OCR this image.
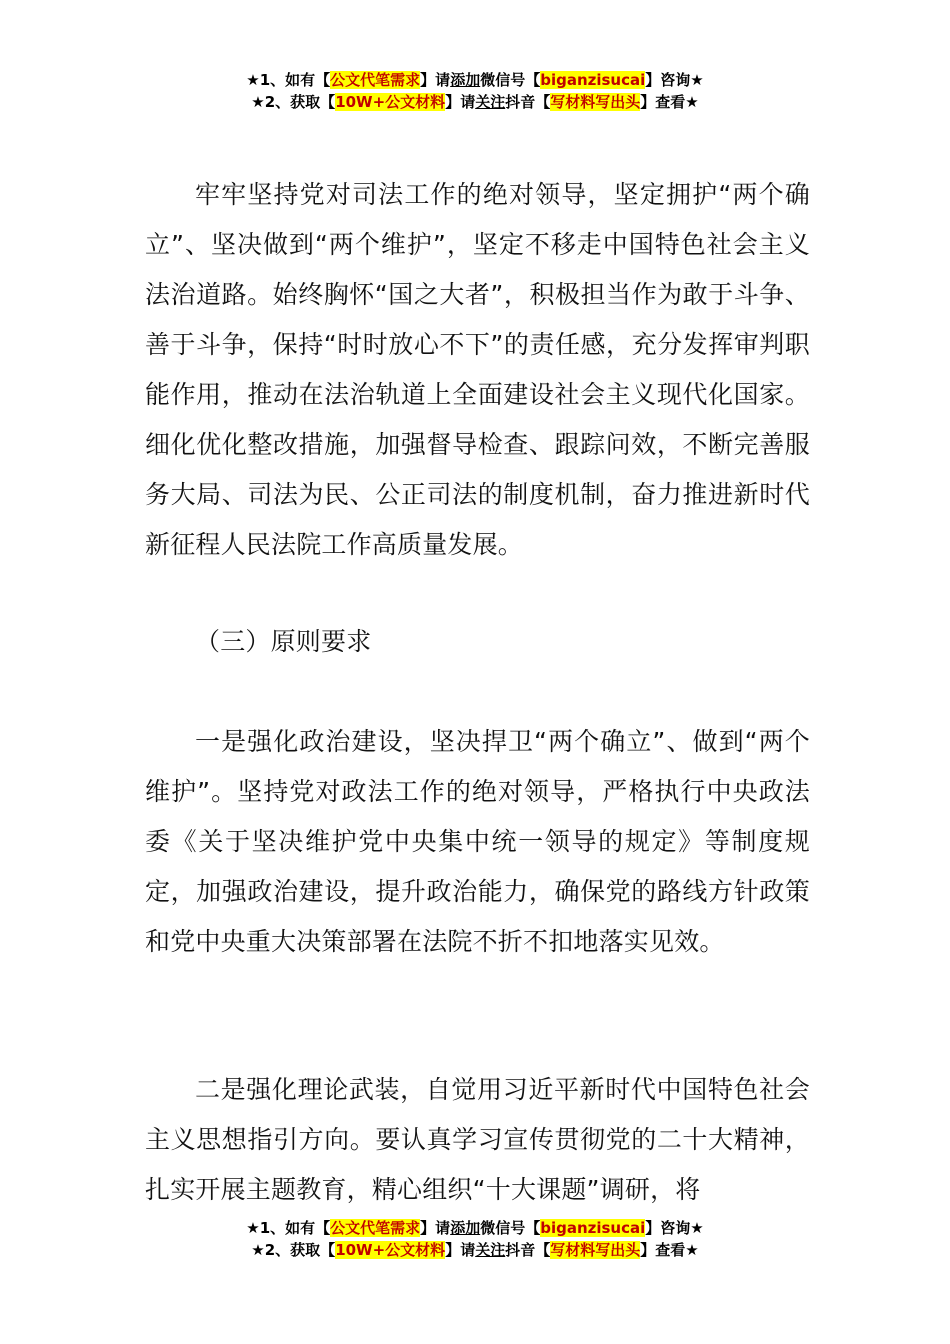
★1、如有【公文代笔需求】请添加微信号【biganzisucai】咨询★
★2、获取【10W+公文材料】请关注抖音【写材料写出头】查看★
牢牢坚持党对司法工作的绝对领导，坚定拥护“两个确立”、坚决做到“两个维护”，坚定不移走中国特色社会主义法治道路。始终胸怀“国之大者”，积极担当作为敢于斗争、善于斗争，保持“时时放心不下”的责任感，充分发挥审判职能作用，推动在法治轨道上全面建设社会主义现代化国家。细化优化整改措施，加强督导检查、跟踪问效，不断完善服务大局、司法为民、公正司法的制度机制，奋力推进新时代新征程人民法院工作高质量发展。
（三）原则要求
一是强化政治建设，坚决捍卫“两个确立”、做到“两个维护”。坚持党对政法工作的绝对领导，严格执行中央政法委《关于坚决维护党中央集中统一领导的规定》等制度规定，加强政治建设，提升政治能力，确保党的路线方针政策和党中央重大决策部署在法院不折不扣地落实见效。
二是强化理论武装，自觉用习近平新时代中国特色社会主义思想指引方向。要认真学习宣传贯彻党的二十大精神，扎实开展主题教育，精心组织“十大课题”调研，将
★1、如有【公文代笔需求】请添加微信号【biganzisucai】咨询★
★2、获取【10W+公文材料】请关注抖音【写材料写出头】查看★
